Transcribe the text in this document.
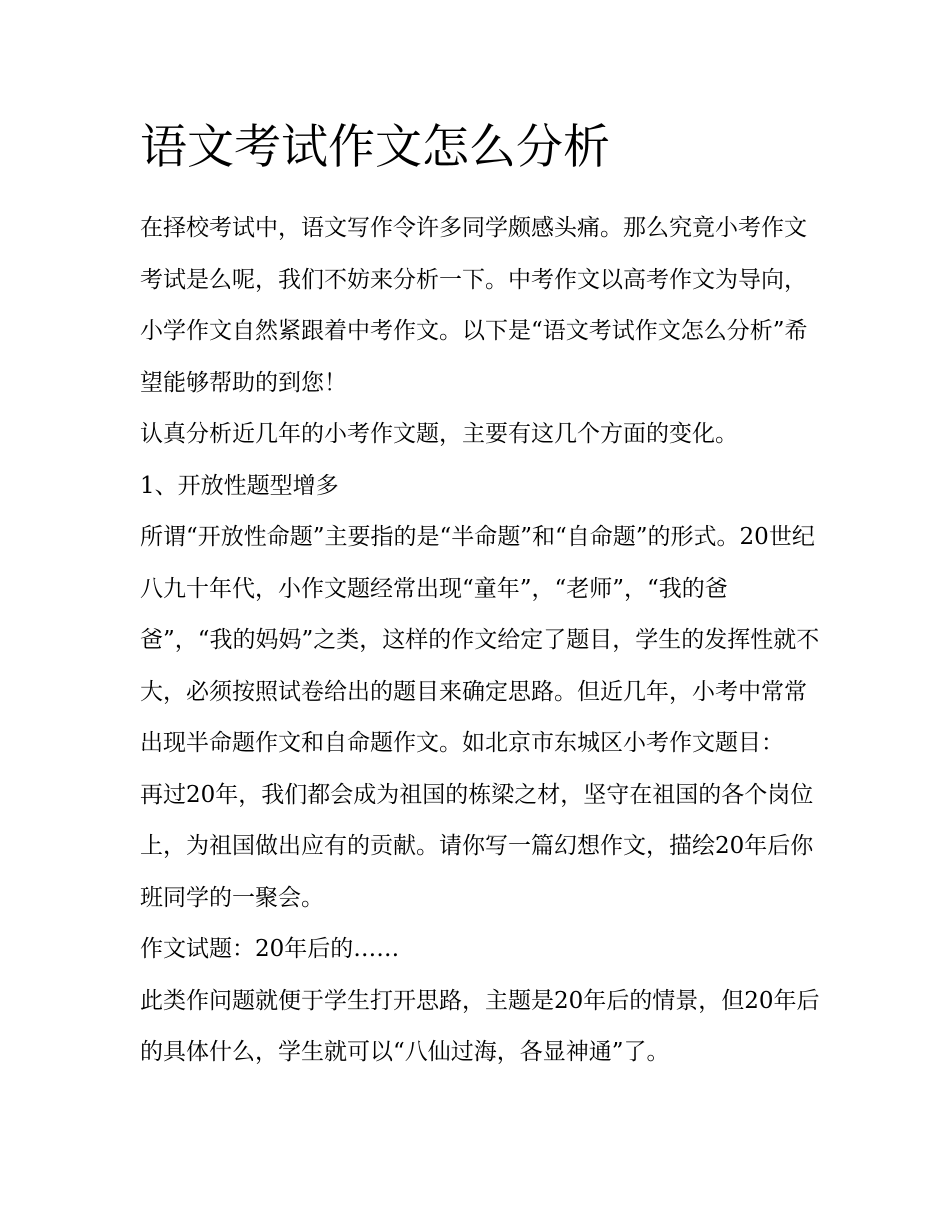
语文考试作文怎么分析

在择校考试中，语文写作令许多同学颇感头痛。那么究竟小考作文考试是么呢，我们不妨来分析一下。中考作文以高考作文为导向，小学作文自然紧跟着中考作文。以下是“语文考试作文怎么分析”希望能够帮助的到您！

认真分析近几年的小考作文题，主要有这几个方面的变化。

1、开放性题型增多

所谓“开放性命题”主要指的是“半命题”和“自命题”的形式。20世纪八九十年代，小作文题经常出现“童年”，“老师”，“我的爸爸”，“我的妈妈”之类，这样的作文给定了题目，学生的发挥性就不大，必须按照试卷给出的题目来确定思路。但近几年，小考中常常出现半命题作文和自命题作文。如北京市东城区小考作文题目：

再过20年，我们都会成为祖国的栋梁之材，坚守在祖国的各个岗位上，为祖国做出应有的贡献。请你写一篇幻想作文，描绘20年后你班同学的一聚会。

作文试题：20年后的……

此类作问题就便于学生打开思路，主题是20年后的情景，但20年后的具体什么，学生就可以“八仙过海，各显神通”了。
